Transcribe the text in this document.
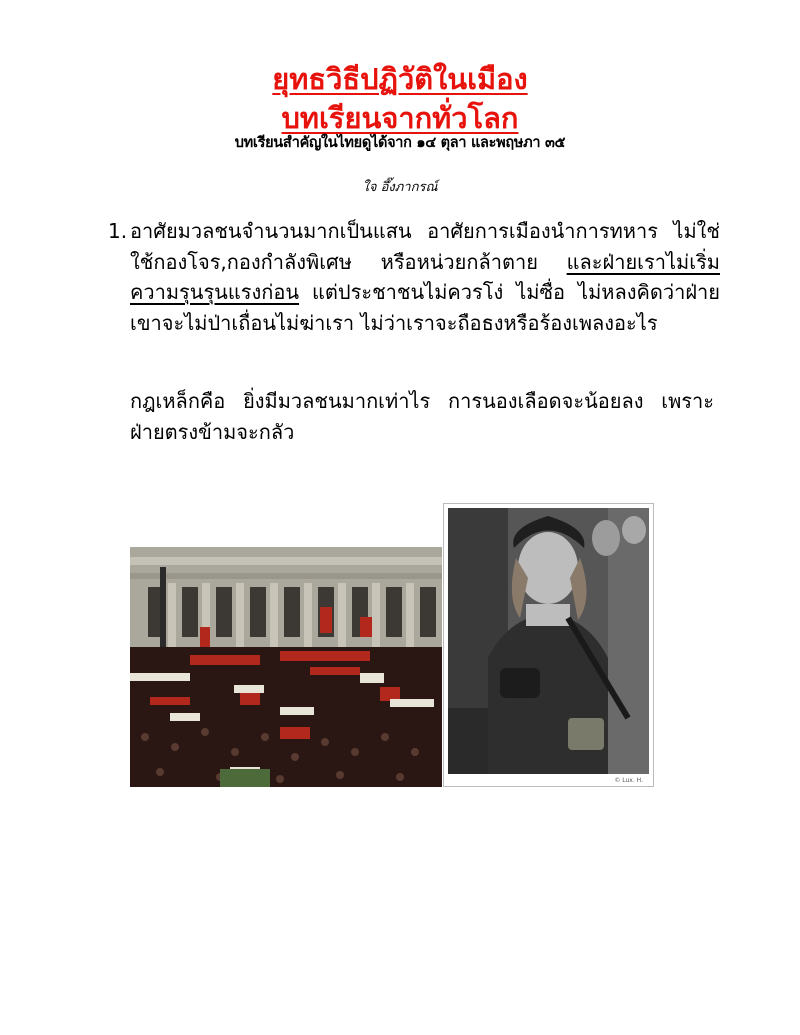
ยุทธวิธีปฏิวัติในเมือง
บทเรียนจากทั่วโลก
บทเรียนสำคัญในไทยดูได้จาก ๑๔ ตุลา และพฤษภา ๓๕
ใจ อึ๊งภากรณ์
1. อาศัยมวลชนจำนวนมากเป็นแสน อาศัยการเมืองนำการทหาร ไม่ใช่ใช้กองโจร,กองกำลังพิเศษ หรือหน่วยกล้าตาย และฝ่ายเราไม่เริ่มความรุนรุนแรงก่อน แต่ประชาชนไม่ควรโง่ ไม่ซื่อ ไม่หลงคิดว่าฝ่ายเขาจะไม่ป่าเถื่อนไม่ฆ่าเรา ไม่ว่าเราจะถือธงหรือร้องเพลงอะไร
กฎเหล็กคือ ยิ่งมีมวลชนมากเท่าไร การนองเลือดจะน้อยลง เพราะฝ่ายตรงข้ามจะกลัว
© Lux. H.
